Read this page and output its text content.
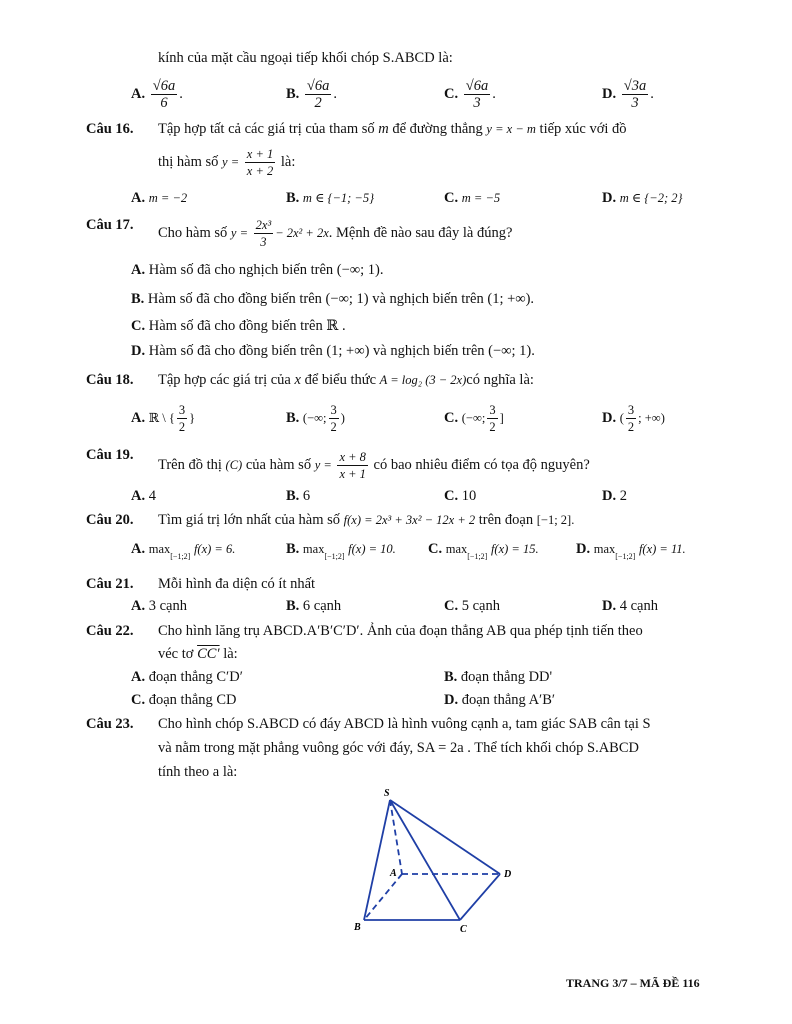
kính của mặt cầu ngoại tiếp khối chóp S.ABCD là:
A. $\frac{√6a}{6}$ .	B. $\frac{√6a}{2}$ .	C. $\frac{√6a}{3}$ .	D. $\frac{√3a}{3}$ .
Câu 16. Tập hợp tất cả các giá trị của tham số m để đường thẳng y = x − m tiếp xúc với đồ
thị hàm số $y = \frac{x + 1}{x + 2}$ là:
A. m = −2	B. m ∈ {−1; −5}	C. m = −5	D. m ∈ {−2; 2}
Câu 17. Cho hàm số $y = \frac{\text{2x³}}{3} - 2x^2 + 2x$. Mệnh đề nào sau đây là đúng?
A. Hàm số đã cho nghịch biến trên (−∞; 1).
B. Hàm số đã cho đồng biến trên (−∞; 1) và nghịch biến trên (1; +∞).
C. Hàm số đã cho đồng biến trên ℝ .
D. Hàm số đã cho đồng biến trên (1; +∞) và nghịch biến trên (−∞; 1).
Câu 18. Tập hợp các giá trị của x để biểu thức A = log₂ (3 − 2x)có nghĩa là:
A. ℝ \ { $\frac{3}{2}$ }	B. (−∞; $\frac{3}{2}$ )	C. (−∞; $\frac{3}{2}$ ]	D. ( $\frac{3}{2}$ ; +∞)
Câu 19.
Trên đồ thị (C) của hàm số $y = \frac{x + 8}{x + 1}$ có bao nhiêu điểm có tọa độ nguyên?
A. 4	B. 6	C. 10	D. 2
Câu 20. Tìm giá trị lớn nhất của hàm số f(x) = 2x³ + 3x² − 12x + 2 trên đoạn [−1; 2].
A. $\max_{[-1;2]} f(x) = 6$.	B. $\max_{[-1;2]} f(x) = 10$. C. $\max_{[-1;2]} f(x) = 15$.	D. $\max_{[-1;2]} f(x) = 11$.
Câu 21. Mỗi hình đa diện có ít nhất
A. 3 cạnh	B. 6 cạnh	C. 5 cạnh	D. 4 cạnh
Câu 22. Cho hình lăng trụ ABCD.A′B′C′D′. Ảnh của đoạn thẳng AB qua phép tịnh tiến theo
véc tơ CC′ là:
A. đoạn thẳng C′D′	B. đoạn thẳng DD'
C. đoạn thẳng CD	D. đoạn thẳng A′B′
Câu 23. Cho hình chóp S.ABCD có đáy ABCD là hình vuông cạnh a, tam giác SAB cân tại S
và nằm trong mặt phẳng vuông góc với đáy, SA = 2a . Thể tích khối chóp S.ABCD
tính theo a là:
S
A	D
B	C
TRANG 3/7 – MÃ ĐỀ 116
